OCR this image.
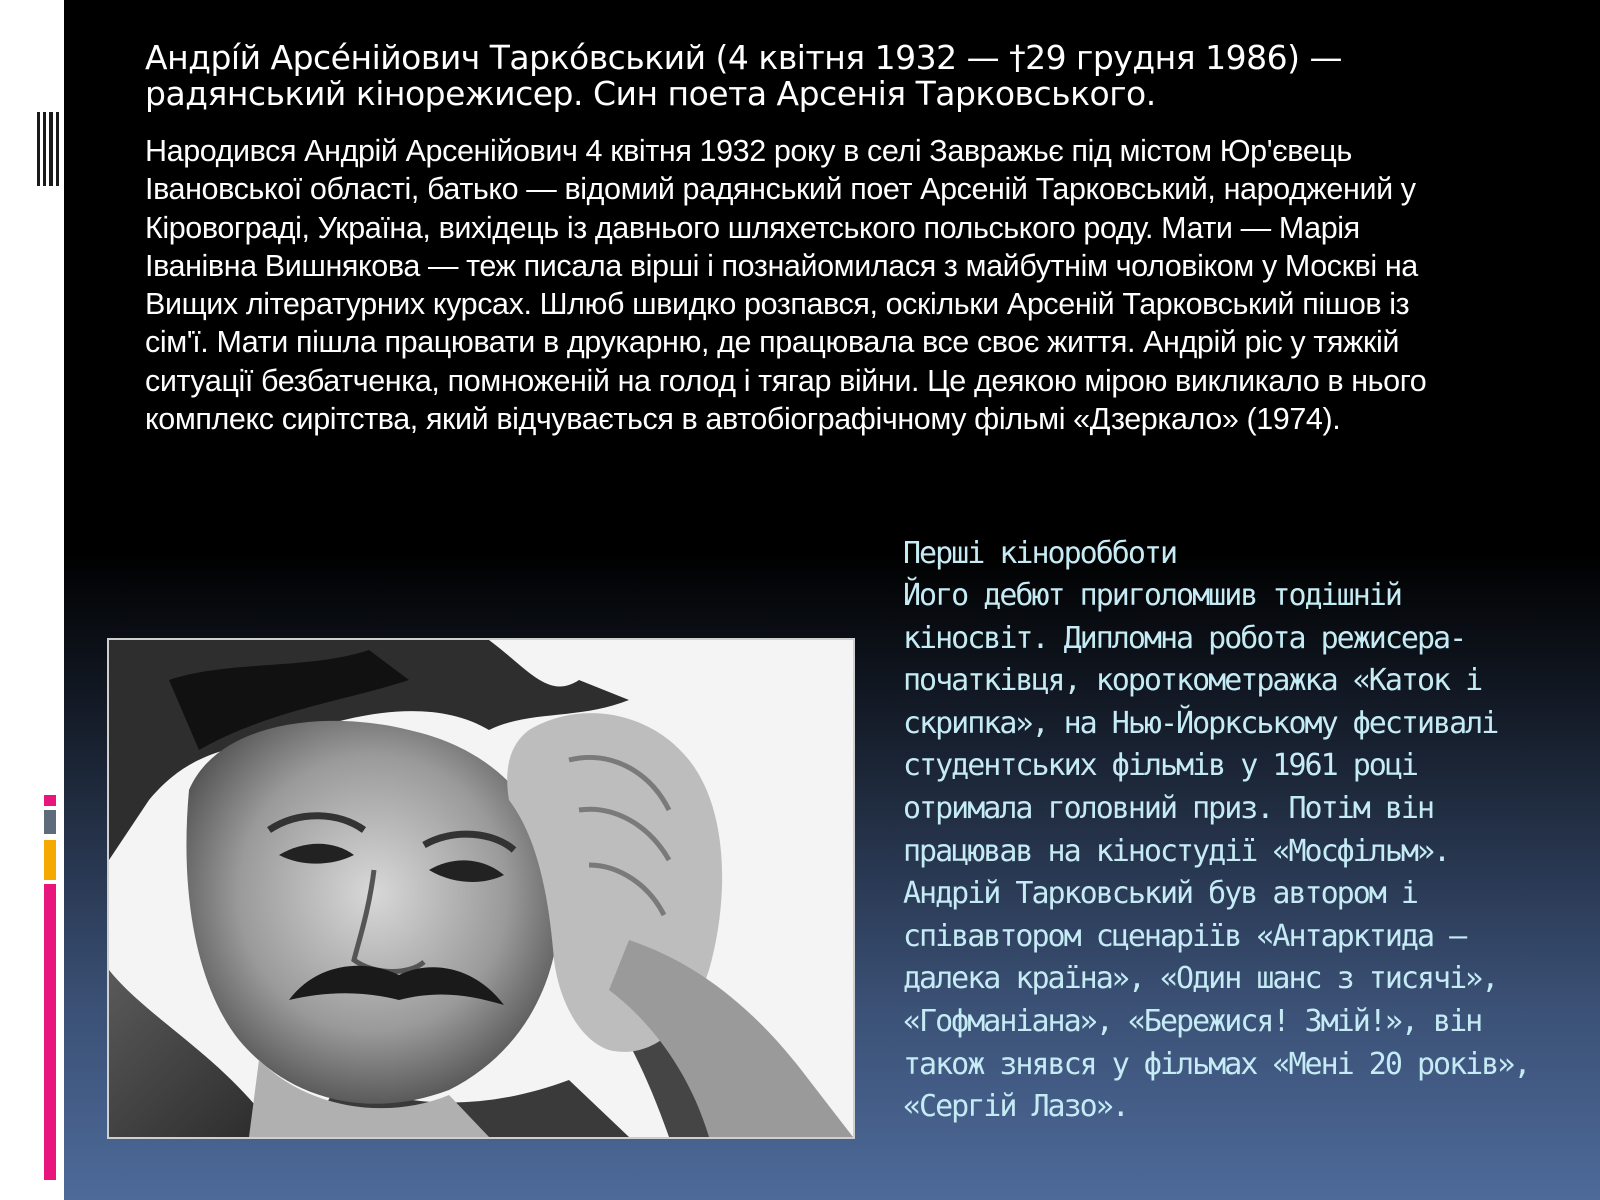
Андрі́й Арсе́нійович Тарко́вський (4 квітня 1932 — †29 грудня 1986) — радянський кінорежисер. Син поета Арсенія Тарковського.

Народився Андрій Арсенійович 4 квітня 1932 року в селі Завражьє під містом Юр'євець Івановської області, батько — відомий радянський поет Арсеній Тарковський, народжений у Кіровограді, Україна, вихідець із давнього шляхетського польського роду. Мати — Марія Іванівна Вишнякова — теж писала вірші і познайомилася з майбутнім чоловіком у Москві на Вищих літературних курсах. Шлюб швидко розпався, оскільки Арсеній Тарковський пішов із сім'ї. Мати пішла працювати в друкарню, де працювала все своє життя. Андрій ріс у тяжкій ситуації безбатченка, помноженій на голод і тягар війни. Це деякою мірою викликало в нього комплекс сирітства, який відчувається в автобіографічному фільмі «Дзеркало» (1974).

Перші кіноробботи

Його дебют приголомшив тодішній кіносвіт. Дипломна робота режисера-початківця, короткометражка «Каток і скрипка», на Нью-Йоркському фестивалі студентських фільмів у 1961 році отримала головний приз. Потім він працював на кіностудії «Мосфільм». Андрій Тарковський був автором і співавтором сценаріїв «Антарктида — далека країна», «Один шанс з тисячі», «Гофманіана», «Бережися! Змій!», він також знявся у фільмах «Мені 20 років», «Сергій Лазо».
